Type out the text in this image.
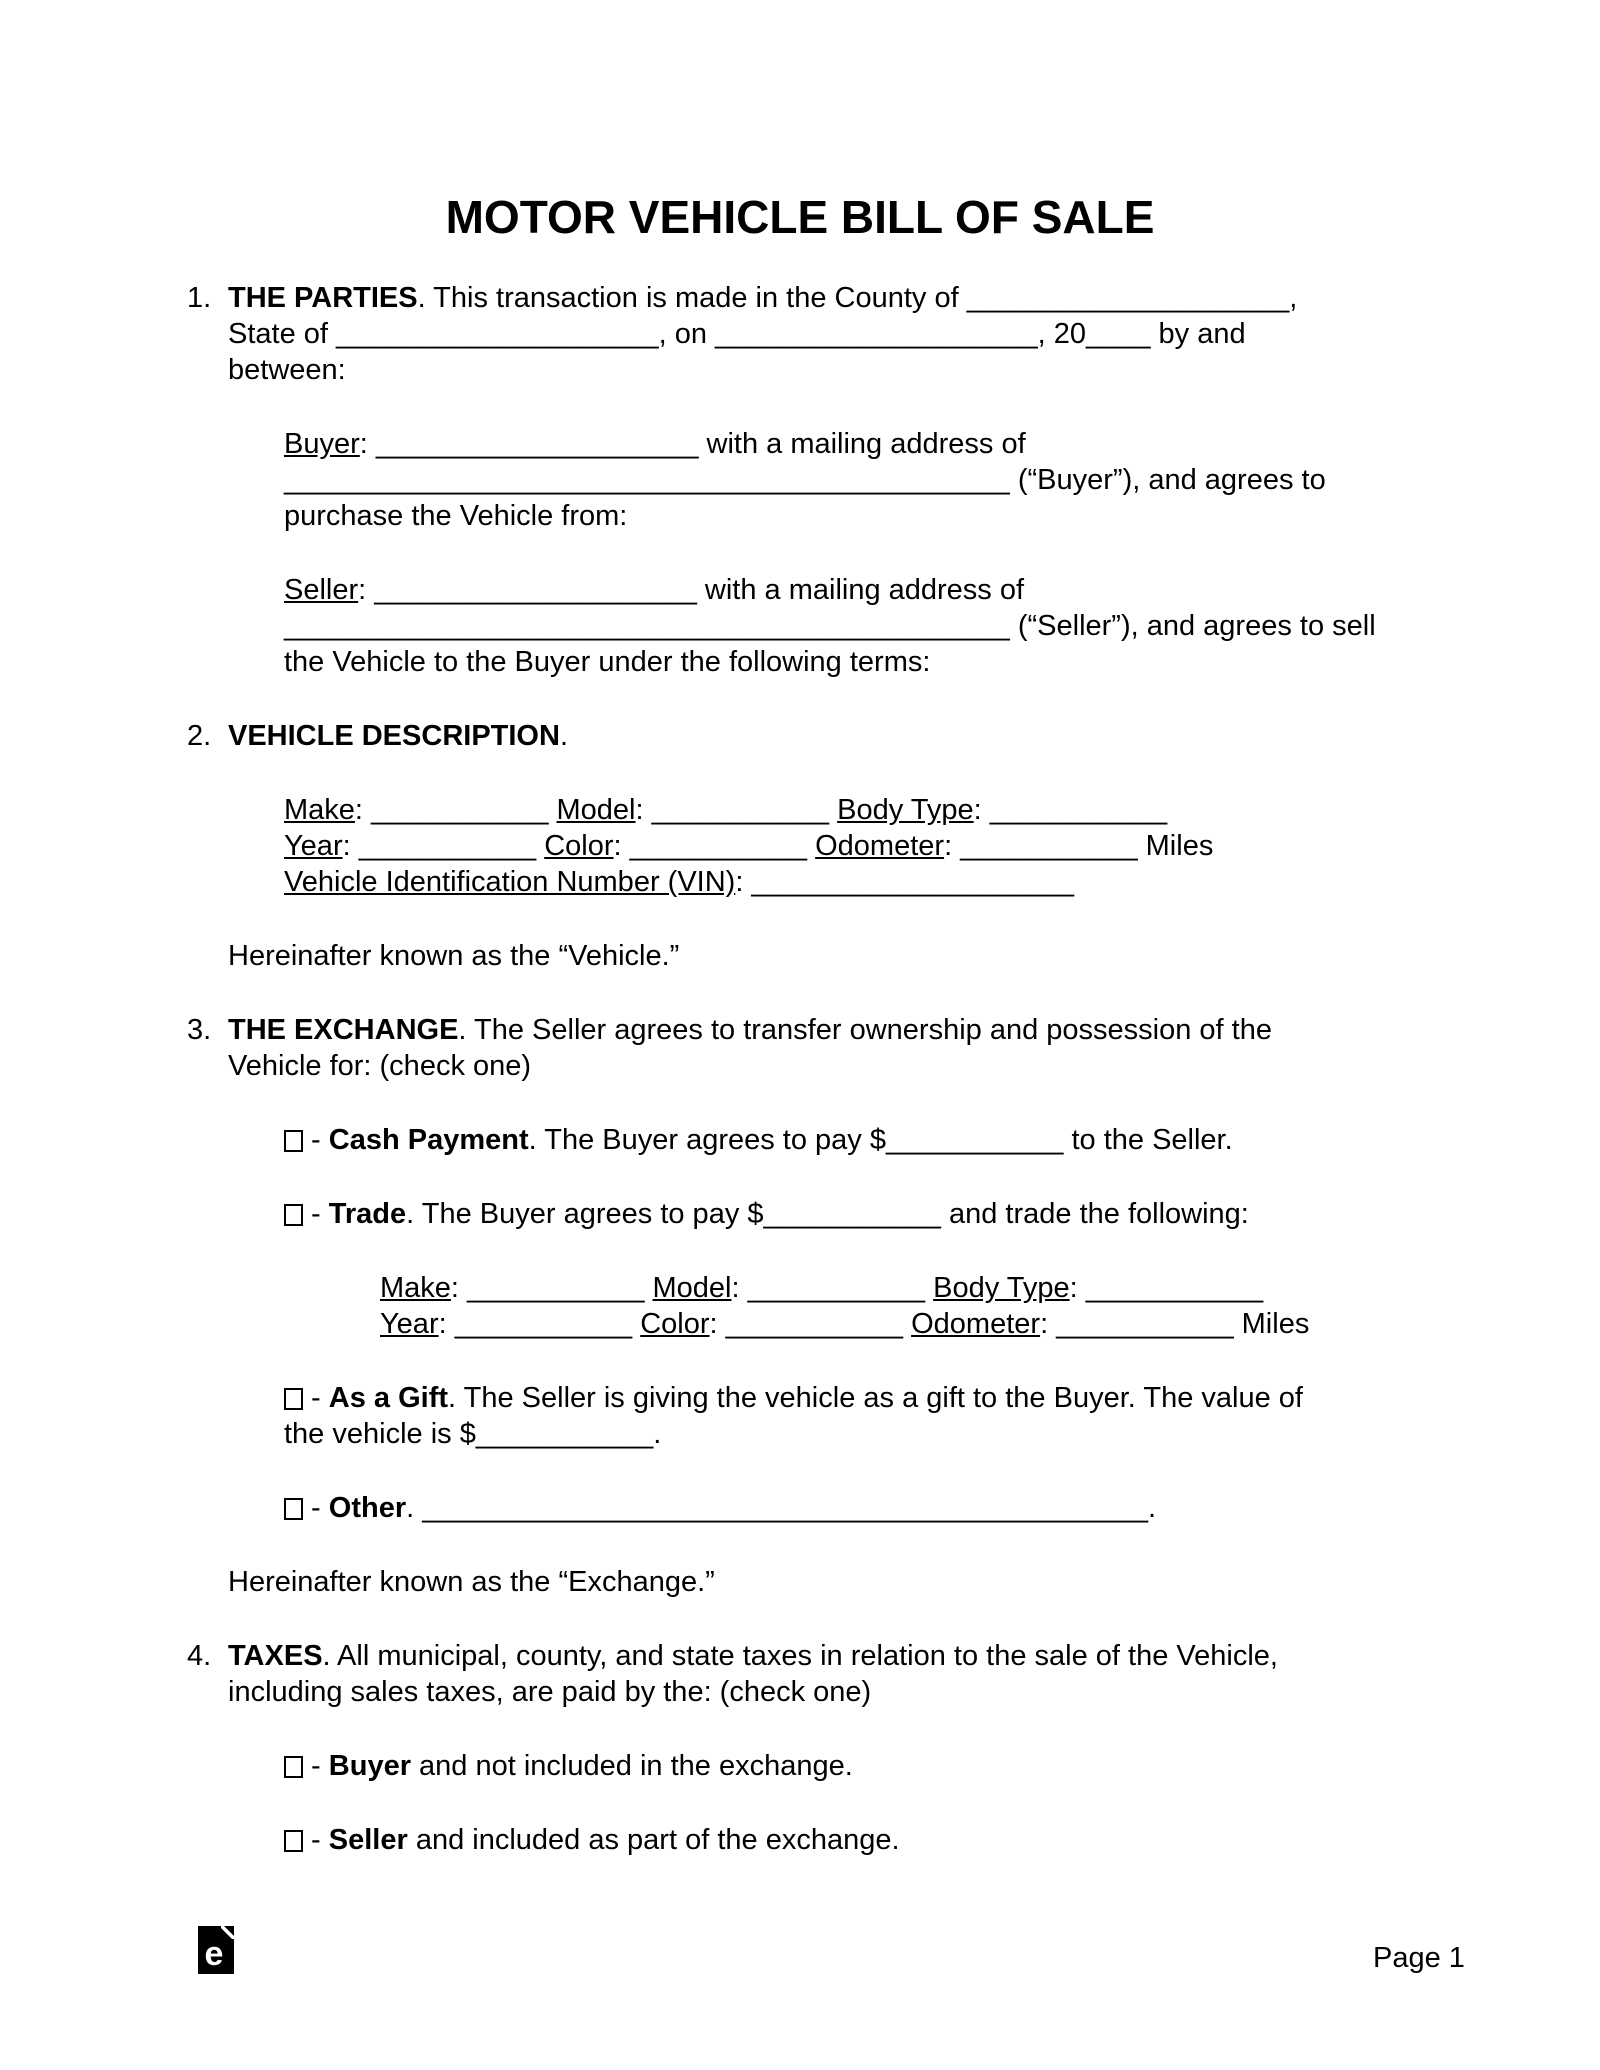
MOTOR VEHICLE BILL OF SALE
1. THE PARTIES. This transaction is made in the County of ____________________,
State of ____________________, on ____________________, 20____ by and
between:
Buyer: ____________________ with a mailing address of
_____________________________________________ (“Buyer”), and agrees to
purchase the Vehicle from:
Seller: ____________________ with a mailing address of
_____________________________________________ (“Seller”), and agrees to sell
the Vehicle to the Buyer under the following terms:
2. VEHICLE DESCRIPTION.
Make: ___________ Model: ___________ Body Type: ___________
Year: ___________ Color: ___________ Odometer: ___________ Miles
Vehicle Identification Number (VIN): ____________________
Hereinafter known as the “Vehicle.”
3. THE EXCHANGE. The Seller agrees to transfer ownership and possession of the
Vehicle for: (check one)
- Cash Payment. The Buyer agrees to pay $___________ to the Seller.
- Trade. The Buyer agrees to pay $___________ and trade the following:
Make: ___________ Model: ___________ Body Type: ___________
Year: ___________ Color: ___________ Odometer: ___________ Miles
- As a Gift. The Seller is giving the vehicle as a gift to the Buyer. The value of
the vehicle is $___________.
- Other. _____________________________________________.
Hereinafter known as the “Exchange.”
4. TAXES. All municipal, county, and state taxes in relation to the sale of the Vehicle,
including sales taxes, are paid by the: (check one)
- Buyer and not included in the exchange.
- Seller and included as part of the exchange.
e	Page 1
